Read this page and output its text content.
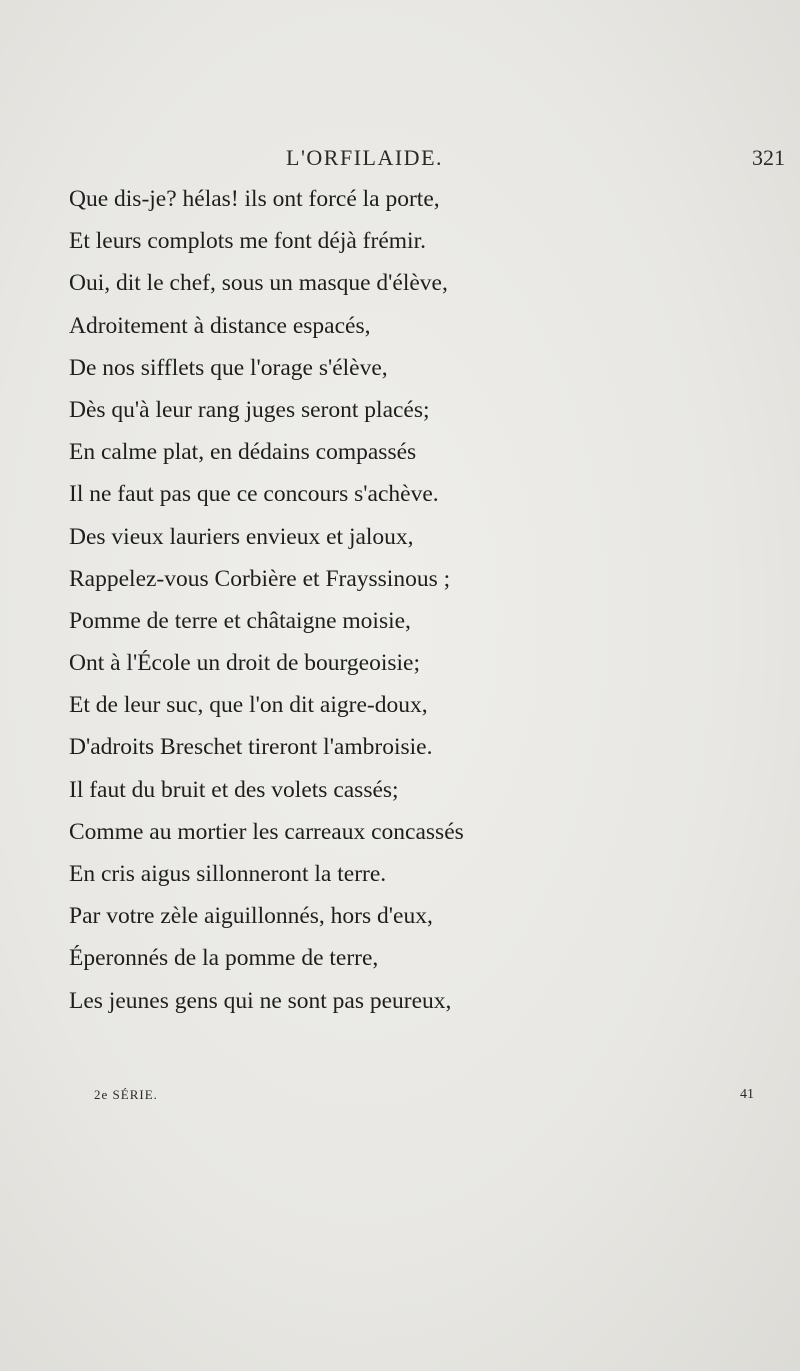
L'ORFILAIDE.	321
Que dis-je? hélas! ils ont forcé la porte,
Et leurs complots me font déjà frémir.
Oui, dit le chef, sous un masque d'élève,
Adroitement à distance espacés,
De nos sifflets que l'orage s'élève,
Dès qu'à leur rang juges seront placés;
En calme plat, en dédains compassés
Il ne faut pas que ce concours s'achève.
Des vieux lauriers envieux et jaloux,
Rappelez-vous Corbière et Frayssinous ;
Pomme de terre et châtaigne moisie,
Ont à l'École un droit de bourgeoisie;
Et de leur suc, que l'on dit aigre-doux,
D'adroits Breschet tireront l'ambroisie.
Il faut du bruit et des volets cassés;
Comme au mortier les carreaux concassés
En cris aigus sillonneront la terre.
Par votre zèle aiguillonnés, hors d'eux,
Éperonnés de la pomme de terre,
Les jeunes gens qui ne sont pas peureux,
2e SÉRIE.	41
